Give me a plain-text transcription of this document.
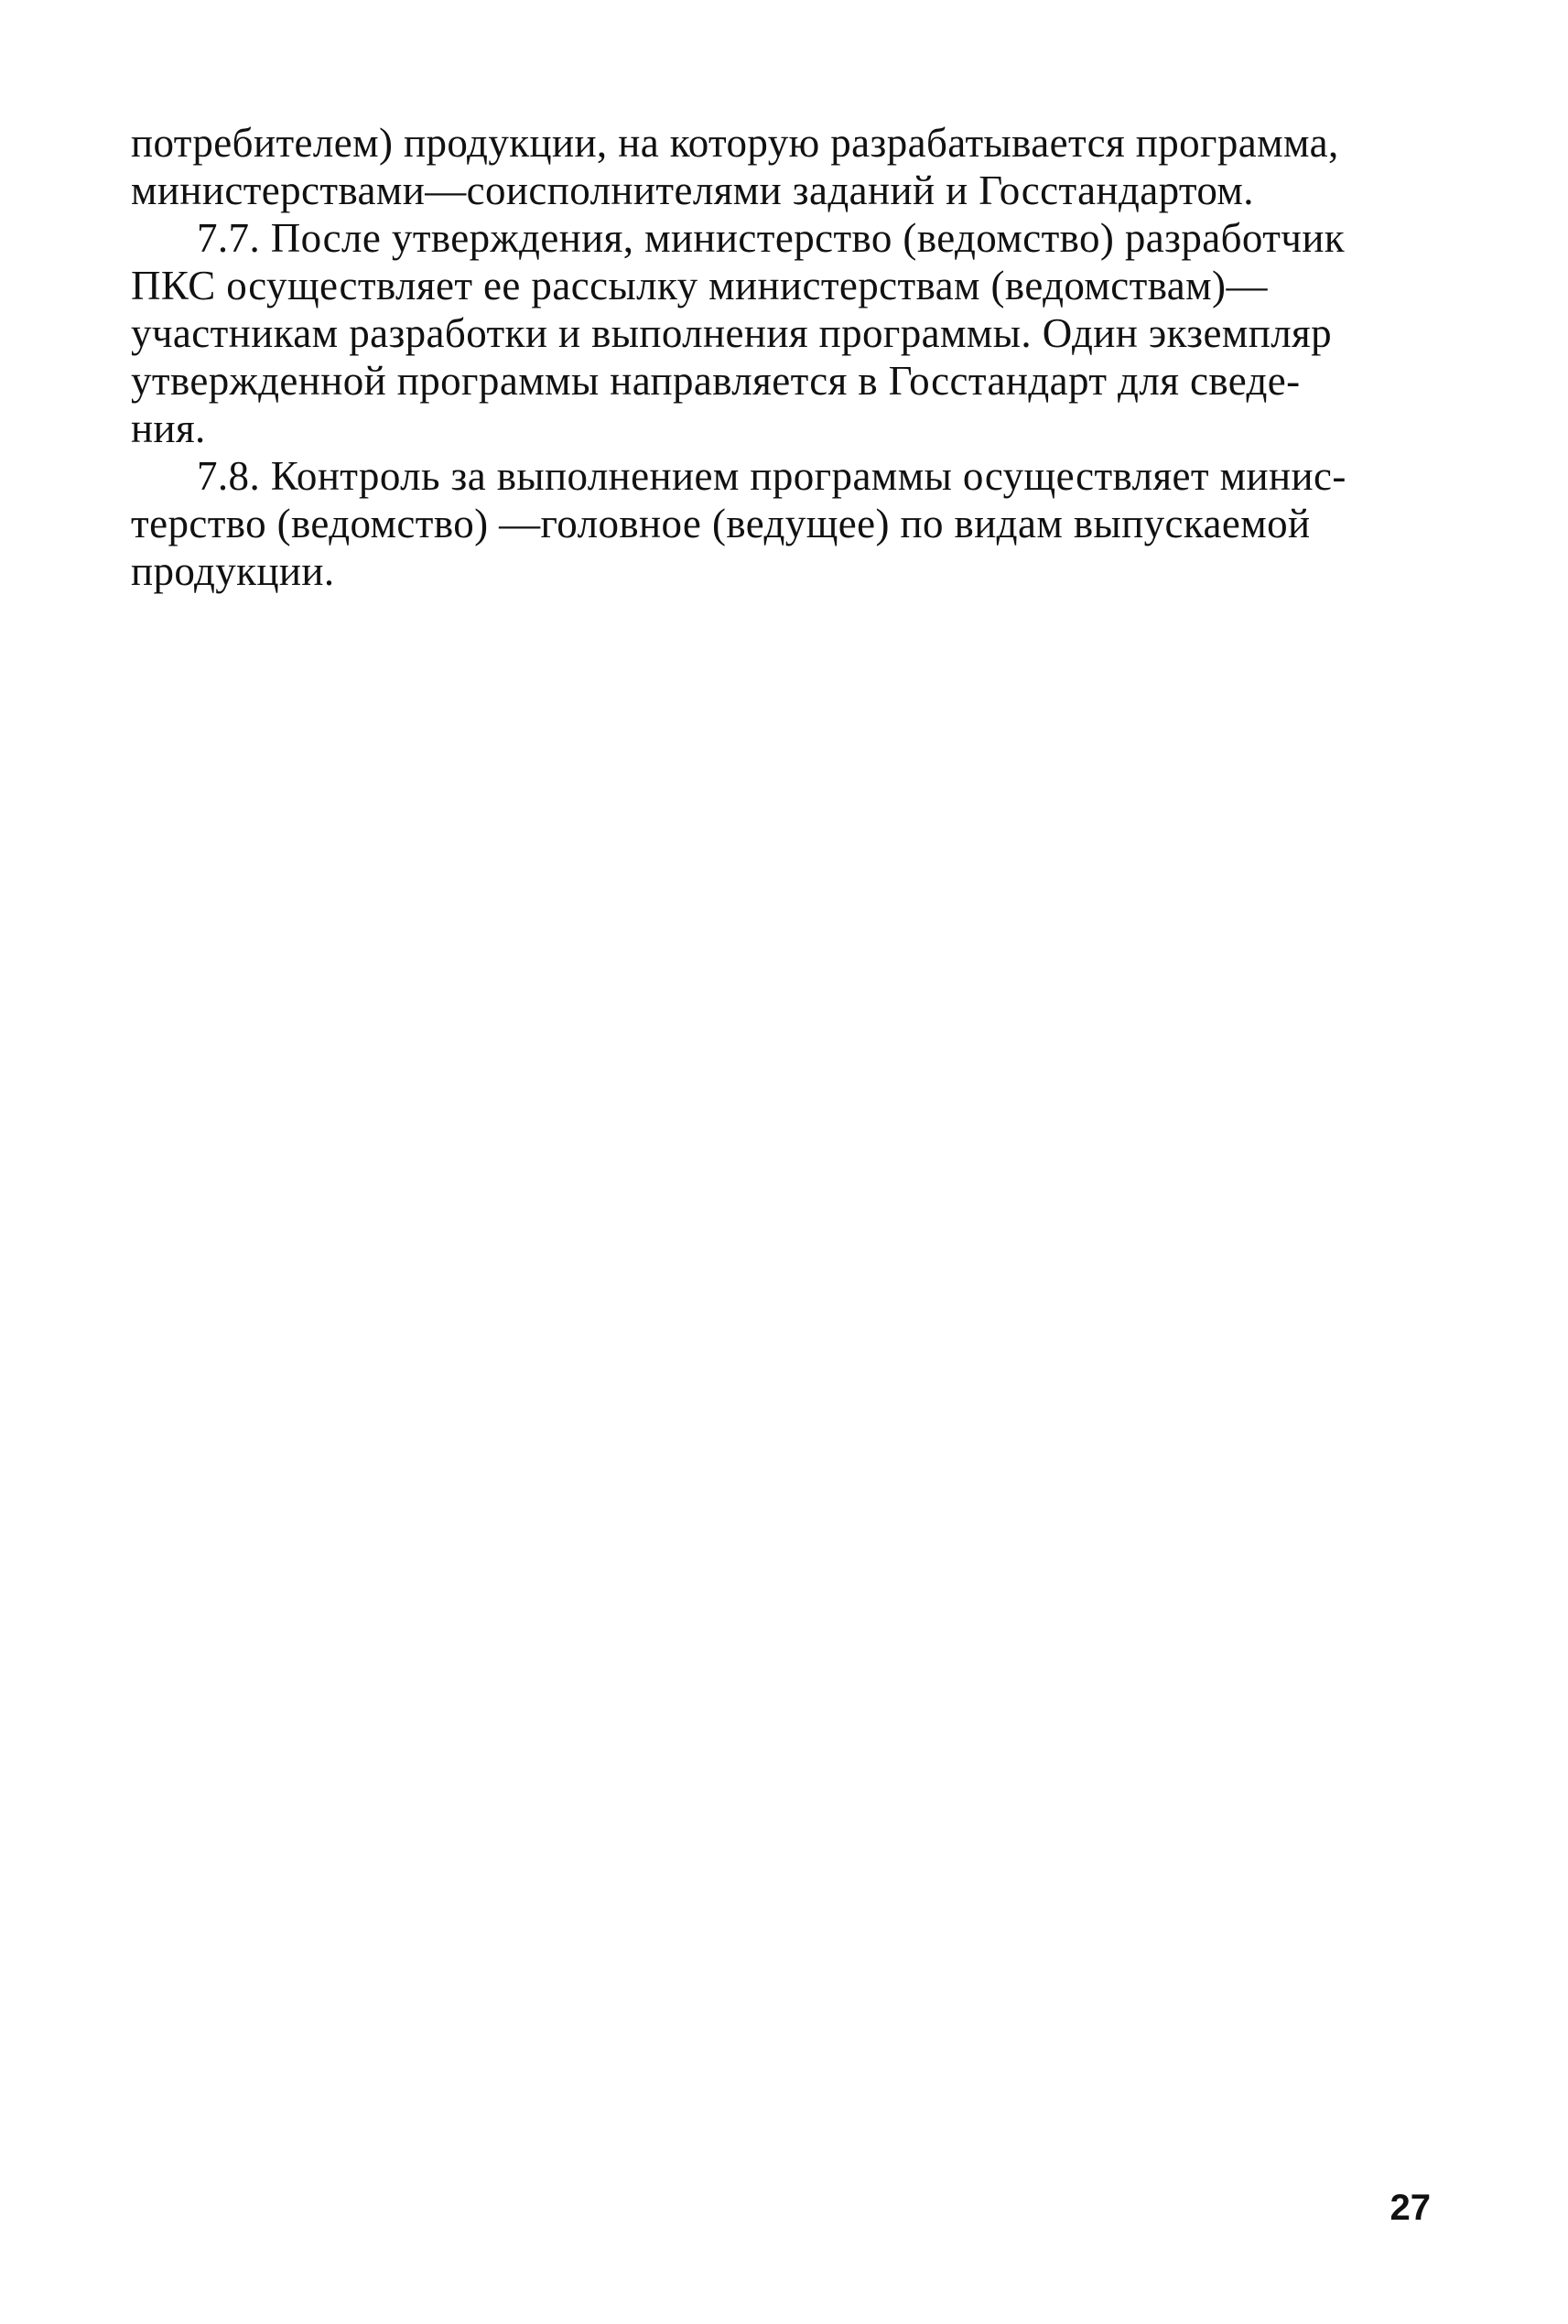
потребителем) продукции, на которую разрабатывается программа,
министерствами—соисполнителями заданий и Госстандартом.

7.7. После утверждения, министерство (ведомство) разработчик
ПКС осуществляет ее рассылку министерствам (ведомствам)—
участникам разработки и выполнения программы. Один экземпляр
утвержденной программы направляется в Госстандарт для сведе-
ния.

7.8. Контроль за выполнением программы осуществляет минис-
терство (ведомство) —головное (ведущее) по видам выпускаемой
продукции.

27
